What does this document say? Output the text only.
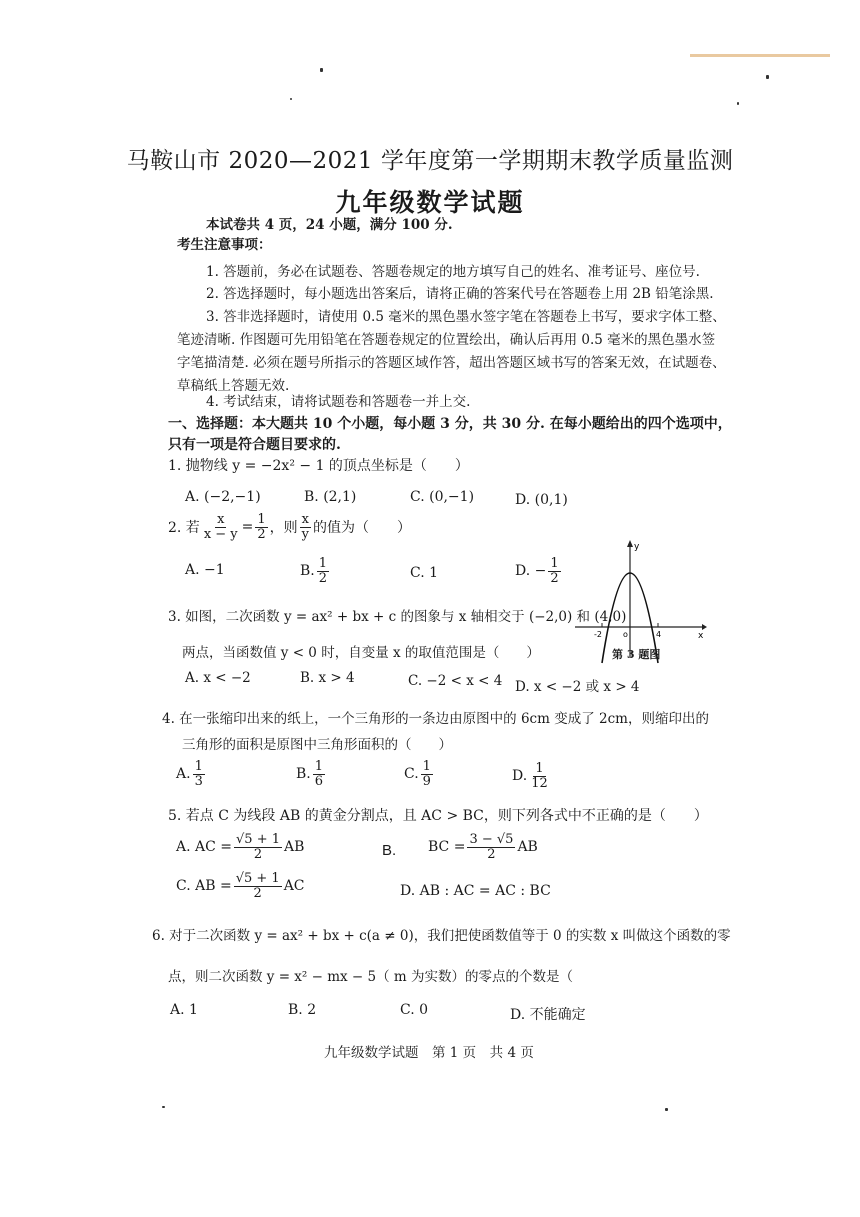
马鞍山市 2020—2021 学年度第一学期期末教学质量监测
九年级数学试题
本试卷共 4 页，24 小题，满分 100 分.
考生注意事项：
1. 答题前，务必在试题卷、答题卷规定的地方填写自己的姓名、准考证号、座位号.
2. 答选择题时，每小题选出答案后，请将正确的答案代号在答题卷上用 2B 铅笔涂黑.
3. 答非选择题时，请使用 0.5 毫米的黑色墨水签字笔在答题卷上书写，要求字体工整、
笔迹清晰. 作图题可先用铅笔在答题卷规定的位置绘出，确认后再用 0.5 毫米的黑色墨水签
字笔描清楚. 必须在题号所指示的答题区域作答，超出答题区域书写的答案无效，在试题卷、
草稿纸上答题无效.
4. 考试结束，请将试题卷和答题卷一并上交.
一、选择题：本大题共 10 个小题，每小题 3 分，共 30 分. 在每小题给出的四个选项中，
只有一项是符合题目要求的.
1. 抛物线 y = −2x² − 1 的顶点坐标是（　　）
A. (−2,−1)	B. (2,1)	C. (0,−1)	D. (0,1)
2. 若 $\frac{x}{x - y} = \frac{1}{2}$ ，则 $\frac{x}{y}$ 的值为（　　）
A. −1	B. $\frac{1}{2}$	C. 1	D. − $\frac{1}{2}$
3. 如图，二次函数 y = ax² + bx + c 的图象与 x 轴相交于 (−2,0) 和 (4,0)
两点，当函数值 y < 0 时，自变量 x 的取值范围是（　　）
A. x < −2	B. x > 4	C. −2 < x < 4 D. x < −2 或 x > 4
y
x
-2	o	4
第 3 题图
4. 在一张缩印出来的纸上，一个三角形的一条边由原图中的 6cm 变成了 2cm，则缩印出的
三角形的面积是原图中三角形面积的（　　）
A. $\frac{1}{3}$	B. $\frac{1}{6}$	C. $\frac{1}{9}$	D. $\frac{1}{12}$
5. 若点 C 为线段 AB 的黄金分割点，且 AC > BC，则下列各式中不正确的是（　　）
A. AC = $\frac{√5 + 1}{2}$ AB	B. BC = $\frac{3 - √5}{2}$ AB
C. AB = $\frac{√5 + 1}{2}$ AC	D. AB : AC = AC : BC
6. 对于二次函数 y = ax² + bx + c(a ≠ 0)，我们把使函数值等于 0 的实数 x 叫做这个函数的零
点，则二次函数 y = x² − mx − 5（ m 为实数）的零点的个数是（
A. 1	B. 2	C. 0	D. 不能确定
九年级数学试题　第 1 页　共 4 页
